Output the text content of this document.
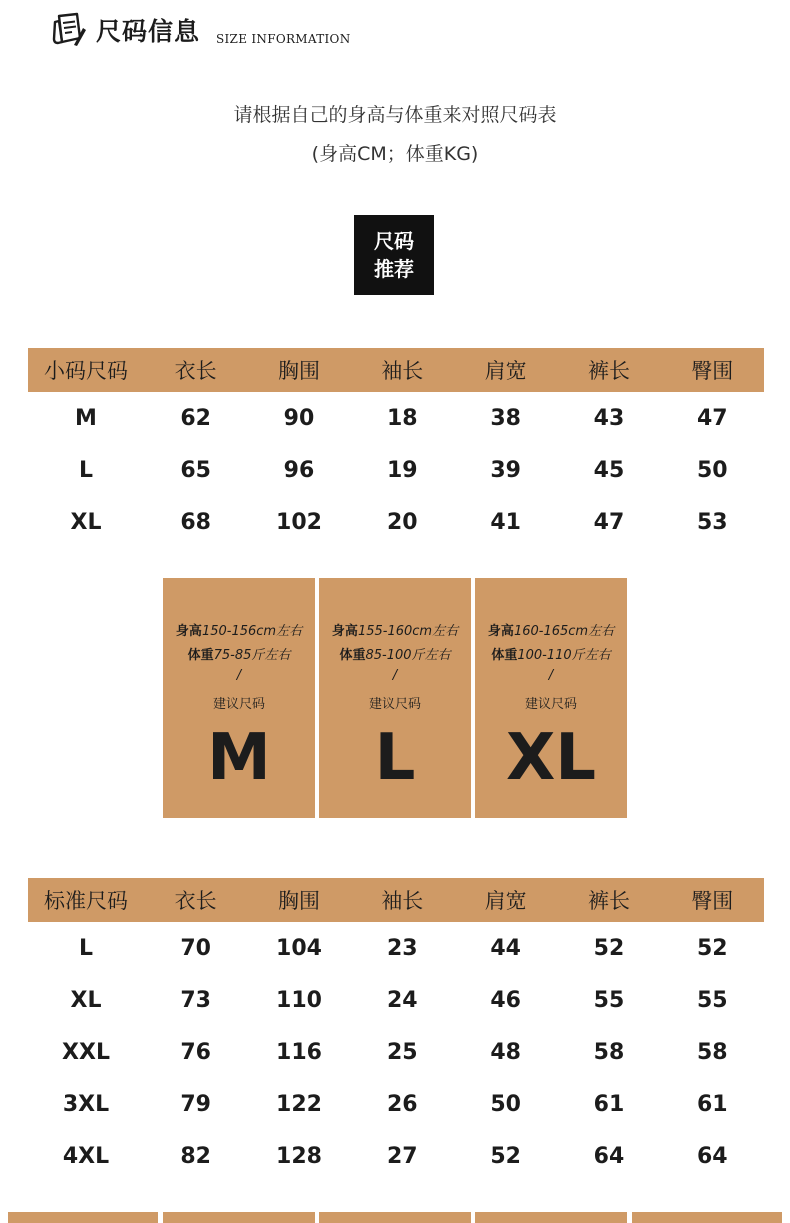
尺码信息 SIZE INFORMATION
请根据自己的身高与体重来对照尺码表
(身高CM；体重KG)
尺码
推荐
小码尺码	衣长	胸围	袖长	肩宽	裤长	臀围
M	62	90	18	38	43	47
L	65	96	19	39	45	50
XL	68	102	20	41	47	53
身高150-156cm左右
体重75-85斤左右
/
建议尺码
M
身高155-160cm左右
体重85-100斤左右
/
建议尺码
L
身高160-165cm左右
体重100-110斤左右
/
建议尺码
XL
标准尺码	衣长	胸围	袖长	肩宽	裤长	臀围
L	70	104	23	44	52	52
XL	73	110	24	46	55	55
XXL	76	116	25	48	58	58
3XL	79	122	26	50	61	61
4XL	82	128	27	52	64	64
